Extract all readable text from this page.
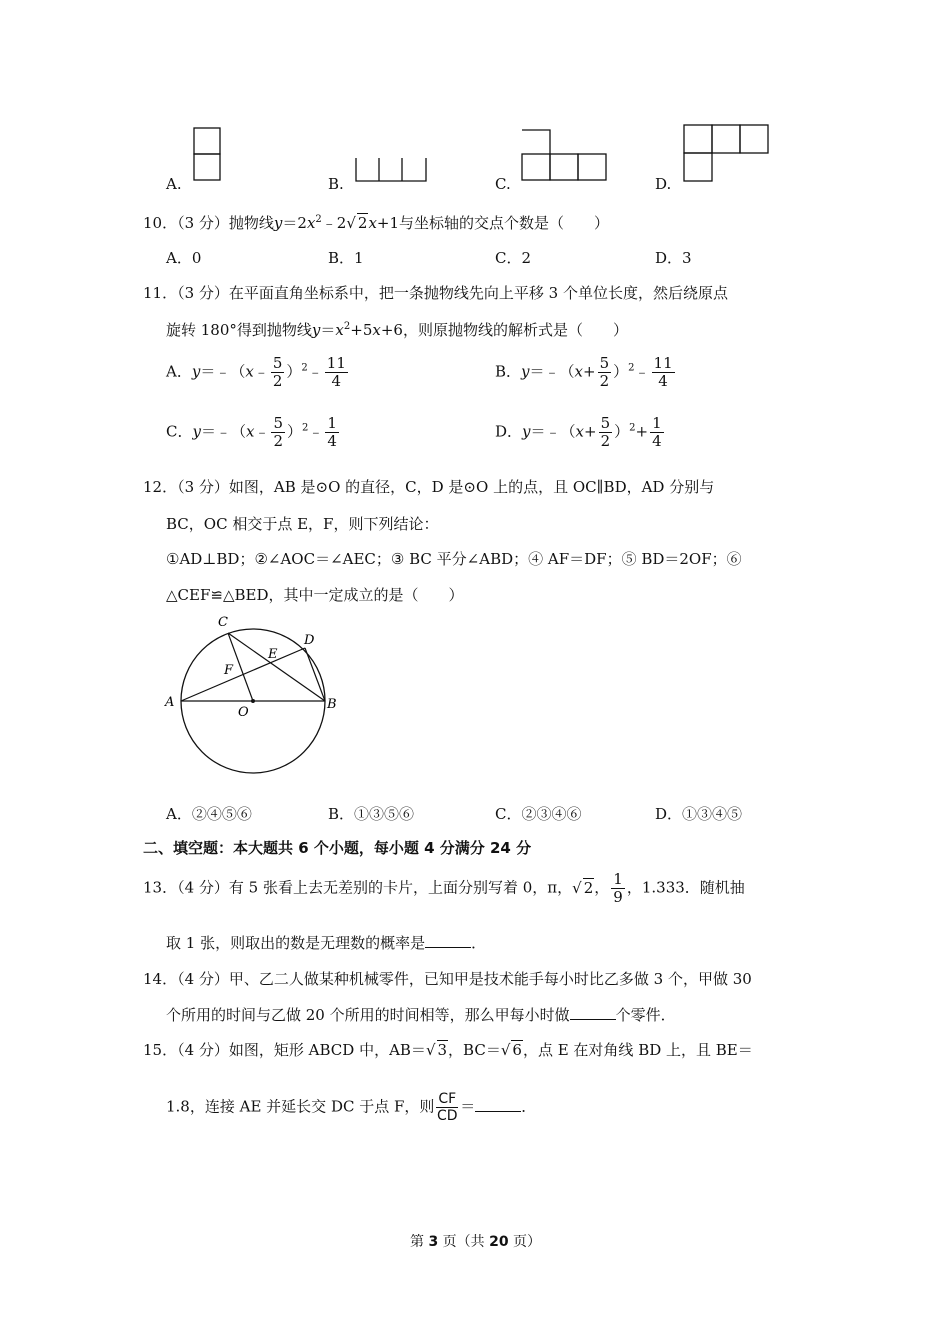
A.	B.	C.	D.
10．（3 分）抛物线$y=2x^2﹣2√$ 2x+1与坐标轴的交点个数是（　　）
A．0	B．1	C．2	D．3
11．（3 分）在平面直角坐标系中，把一条抛物线先向上平移 3 个单位长度，然后绕原点
旋转 180°得到抛物线$y=x^2+5x+6$，则原抛物线的解析式是（　　）
A．y＝﹣（x﹣ $\frac{5}{2}$ ）$^2$﹣ $\frac{11}{4}$	B．y＝﹣（x+ $\frac{5}{2}$ ）$^2$﹣ $\frac{11}{4}$
C．y＝﹣（x﹣ $\frac{5}{2}$ ）$^2$﹣ $\frac{1}{4}$	D．y＝﹣（x+ $\frac{5}{2} )^2+ \frac{1}{4}$
12．（3 分）如图，AB 是⊙O 的直径，C，D 是⊙O 上的点，且 OC∥BD，AD 分别与
BC，OC 相交于点 E，F，则下列结论：
①AD⊥BD；②∠AOC＝∠AEC；③ BC 平分∠ABD；④ AF＝DF；⑤ BD＝2OF；⑥
△CEF≌△BED，其中一定成立的是（　　）
C
D
E
F
A
O
B
A．②④⑤⑥	B．①③⑤⑥	C．②③④⑥	D．①③④⑤
二、填空题：本大题共 6 个小题，每小题 4 分满分 24 分
13．（4 分）有 5 张看上去无差别的卡片，上面分别写着 0，π，√ 2， $\frac{1}{9}$ ，1.333．随机抽
取 1 张，则取出的数是无理数的概率是	．
14．（4 分）甲、乙二人做某种机械零件，已知甲是技术能手每小时比乙多做 3 个，甲做 30
个所用的时间与乙做 20 个所用的时间相等，那么甲每小时做	个零件．
15．（4 分）如图，矩形 ABCD 中，AB＝√ 3，BC＝√ 6，点 E 在对角线 BD 上，且 BE＝
1.8，连接 AE 并延长交 DC 于点 F，则 $\frac{CF}{CD}$ ＝	．
第 3 页（共 20 页）
